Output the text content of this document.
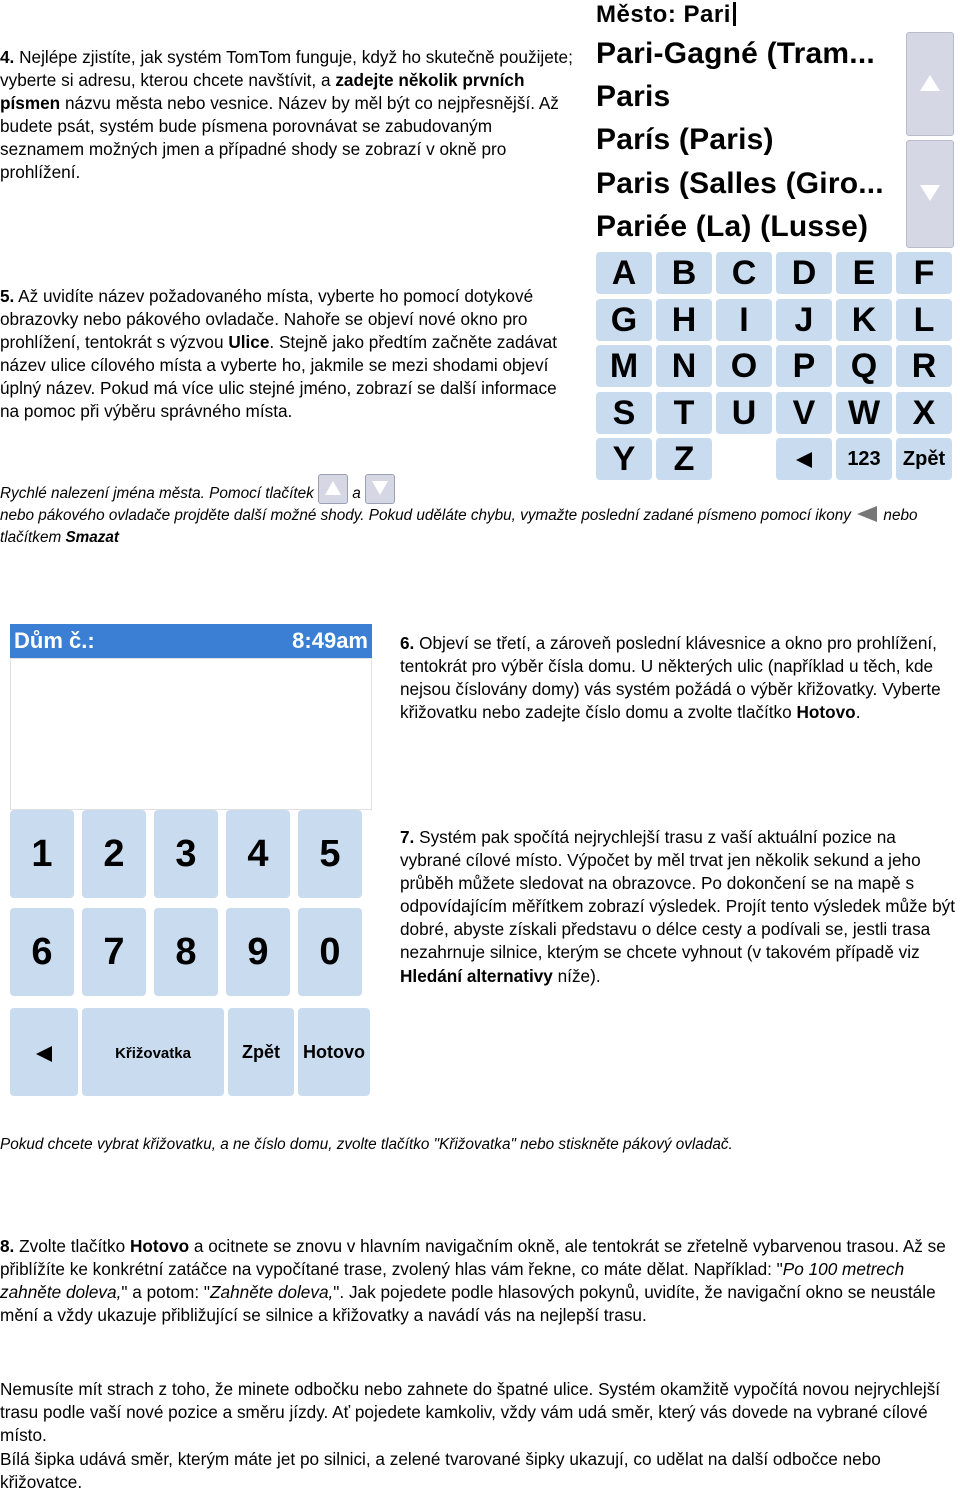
4. Nejlépe zjistíte, jak systém TomTom funguje, když ho skutečně použijete; vyberte si adresu, kterou chcete navštívit, a zadejte několik prvních písmen názvu města nebo vesnice. Název by měl být co nejpřesnější. Až budete psát, systém bude písmena porovnávat se zabudovaným seznamem možných jmen a případné shody se zobrazí v okně pro prohlížení.

5. Až uvidíte název požadovaného místa, vyberte ho pomocí dotykové obrazovky nebo pákového ovladače. Nahoře se objeví nové okno pro prohlížení, tentokrát s výzvou Ulice. Stejně jako předtím začněte zadávat název ulice cílového místa a vyberte ho, jakmile se mezi shodami objeví úplný název. Pokud má více ulic stejné jméno, zobrazí se další informace na pomoc při výběru správného místa.

Město: Pari
Pari-Gagné (Tram...
Paris
París (Paris)
Paris (Salles (Giro...
Pariée (La) (Lusse)
A	B	C	D	E	F
G	H	I	J	K	L
M N	O	P	Q	R
S	T	U	V W X
Y	Z	123	Zpět

Rychlé nalezení jména města. Pomocí tlačítek
a

nebo pákového ovladače projděte další možné shody. Pokud uděláte chybu, vymažte poslední zadané písmeno pomocí ikony  nebo tlačítkem Smazat

Dům č.:	8:49am
1	2	3	4	5
6	7	8	9	0
Křižovatka	Zpět	Hotovo

6. Objeví se třetí, a zároveň poslední klávesnice a okno pro prohlížení, tentokrát pro výběr čísla domu. U některých ulic (například u těch, kde nejsou číslovány domy) vás systém požádá o výběr křižovatky. Vyberte křižovatku nebo zadejte číslo domu a zvolte tlačítko Hotovo.

7. Systém pak spočítá nejrychlejší trasu z vaší aktuální pozice na vybrané cílové místo. Výpočet by měl trvat jen několik sekund a jeho průběh můžete sledovat na obrazovce. Po dokončení se na mapě s odpovídajícím měřítkem zobrazí výsledek. Projít tento výsledek může být dobré, abyste získali představu o délce cesty a podívali se, jestli trasa nezahrnuje silnice, kterým se chcete vyhnout (v takovém případě viz Hledání alternativy níže).

Pokud chcete vybrat křižovatku, a ne číslo domu, zvolte tlačítko "Křižovatka" nebo stiskněte pákový ovladač.

8. Zvolte tlačítko Hotovo a ocitnete se znovu v hlavním navigačním okně, ale tentokrát se zřetelně vybarvenou trasou. Až se přiblížíte ke konkrétní zatáčce na vypočítané trase, zvolený hlas vám řekne, co máte dělat. Například: "Po 100 metrech zahněte doleva," a potom: "Zahněte doleva,". Jak pojedete podle hlasových pokynů, uvidíte, že navigační okno se neustále mění a vždy ukazuje přibližující se silnice a křižovatky a navádí vás na nejlepší trasu.

Nemusíte mít strach z toho, že minete odbočku nebo zahnete do špatné ulice. Systém okamžitě vypočítá novou nejrychlejší trasu podle vaší nové pozice a směru jízdy. Ať pojedete kamkoliv, vždy vám udá směr, který vás dovede na vybrané cílové místo.

Bílá šipka udává směr, kterým máte jet po silnici, a zelené tvarované šipky ukazují, co udělat na další odbočce nebo křižovatce.
